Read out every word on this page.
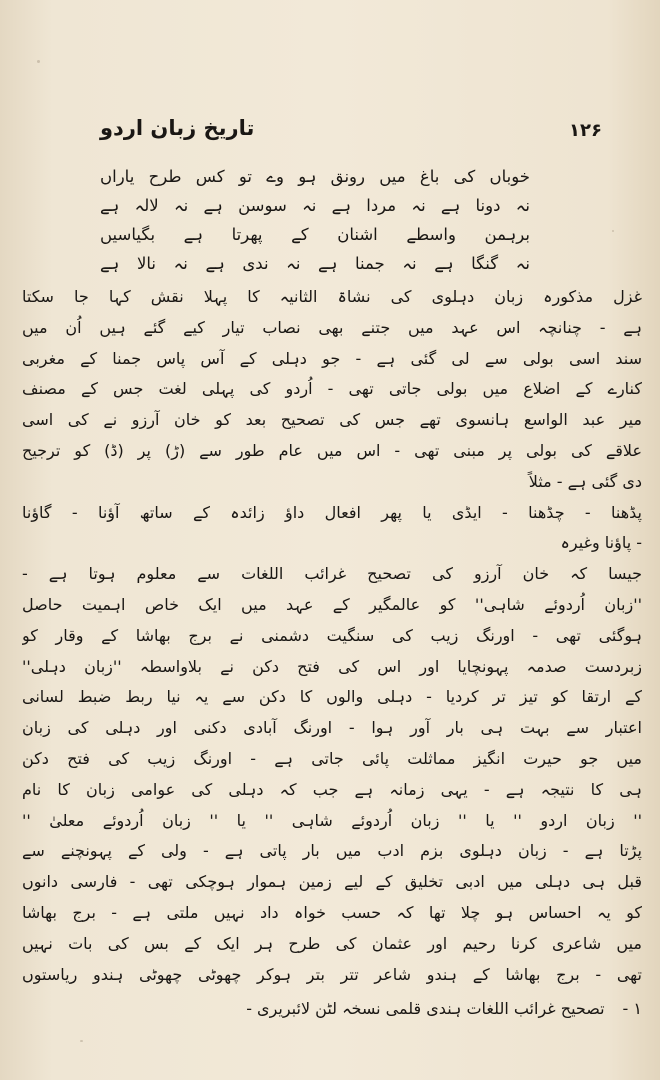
تاریخ زبان اردو	۱۲۶
خوباں کی باغ میں رونق ہو وے تو کس طرح یاراں
نہ دونا ہے نہ مردا ہے نہ سوسن ہے نہ لالہ ہے
برہمن واسطے اشنان کے پھرتا ہے بگیاسیں
نہ گنگا ہے نہ جمنا ہے نہ ندی ہے نہ نالا ہے
غزل مذکورہ زبان دہلوی کی نشاۃ الثانیہ کا پہلا نقش کہا جا سکتا
ہے - چنانچہ اس عہد میں جتنے بھی نصاب تیار کیے گئے ہیں اُن میں
سند اسی بولی سے لی گئی ہے - جو دہلی کے آس پاس جمنا کے مغربی
کنارے کے اضلاع میں بولی جاتی تھی - اُردو کی پہلی لغت جس کے مصنف
میر عبد الواسع ہانسوی تھے جس کی تصحیح بعد کو خان آرزو نے کی اسی
علاقے کی بولی پر مبنی تھی - اس میں عام طور سے (ڑ) پر (ڈ) کو ترجیح
دی گئی ہے - مثلاً
پڈھنا - چڈھنا - ایڈی یا پھر افعال داؤ زائدہ کے ساتھ آؤنا - گاؤنا
- پاؤنا وغیرہ
جیسا کہ خان آرزو کی تصحیح غرائب اللغات سے معلوم ہوتا ہے -
''زبان اُردوئے شاہی'' کو عالمگیر کے عہد میں ایک خاص اہمیت حاصل
ہوگئی تھی - اورنگ زیب کی سنگیت دشمنی نے برج بھاشا کے وقار کو
زبردست صدمہ پہونچایا اور اس کی فتح دکن نے بلاواسطہ ''زبان دہلی''
کے ارتقا کو تیز تر کردیا - دہلی والوں کا دکن سے یہ نیا ربط ضبط لسانی
اعتبار سے بہت ہی بار آور ہوا - اورنگ آبادی دکنی اور دہلی کی زبان
میں جو حیرت انگیز مماثلت پائی جاتی ہے - اورنگ زیب کی فتح دکن
ہی کا نتیجہ ہے - یہی زمانہ ہے جب کہ دہلی کی عوامی زبان کا نام
'' زبان اردو '' یا '' زبان اُردوئے شاہی '' یا '' زبان اُردوئے معلیٰ ''
پڑتا ہے - زبان دہلوی بزم ادب میں بار پاتی ہے - ولی کے پہونچنے سے
قبل ہی دہلی میں ادبی تخلیق کے لیے زمین ہموار ہوچکی تھی - فارسی دانوں
کو یہ احساس ہو چلا تھا کہ حسب خواہ داد نہیں ملتی ہے - برج بھاشا
میں شاعری کرنا رحیم اور عثمان کی طرح ہر ایک کے بس کی بات نہیں
تھی - برج بھاشا کے ہندو شاعر تتر بتر ہوکر چھوٹی چھوٹی ہندو ریاستوں
۱ -تصحیح غرائب اللغات ہندی قلمی نسخہ لٹن لائبریری -
